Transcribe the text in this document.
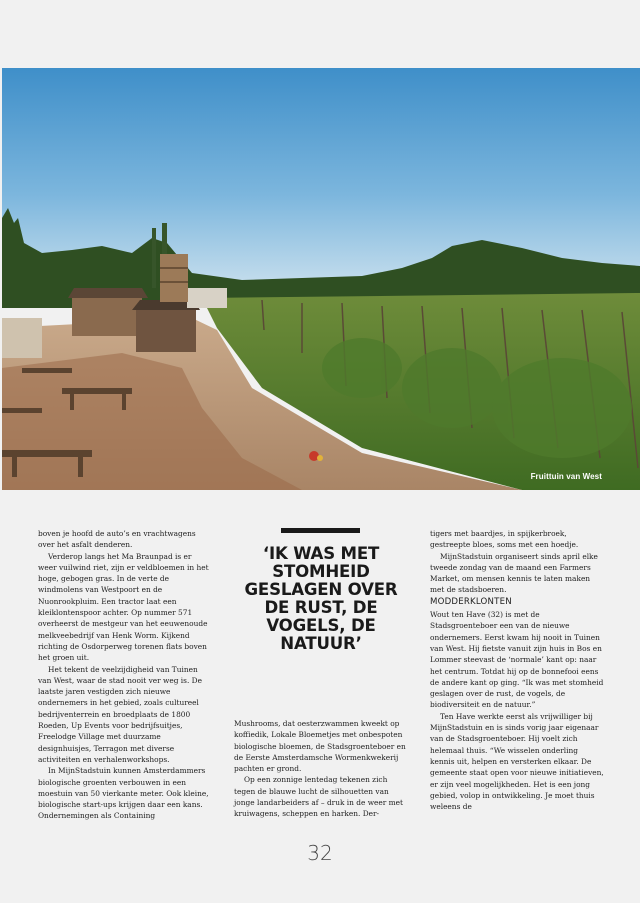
Fruittuin van West

boven je hoofd de auto’s en vrachtwagens over het asfalt denderen.

Verderop langs het Ma Braunpad is er weer vuilwind riet, zijn er veldbloemen in het hoge, gebogen gras. In de verte de windmolens van Westpoort en de Nuonrookpluim. Een tractor laat een kleiklontenspoor achter. Op nummer 571 overheerst de mestgeur van het eeuwenoude melkveebedrijf van Henk Worm. Kijkend richting de Osdorperweg torenen flats boven het groen uit.

Het tekent de veelzijdigheid van Tuinen van West, waar de stad nooit ver weg is. De laatste jaren vestigden zich nieuwe ondernemers in het gebied, zoals cultureel bedrijventerrein en broedplaats de 1800 Roeden, Up Events voor bedrijfsuitjes, Freelodge Village met duurzame designhuisjes, Terragon met diverse activiteiten en verhalenworkshops.

In MijnStadstuin kunnen Amsterdammers biologische groenten verbouwen in een moestuin van 50 vierkante meter. Ook kleine, biologische start-ups krijgen daar een kans. Ondernemingen als Containing

‘IK WAS MET STOMHEID GESLAGEN OVER DE RUST, DE VOGELS, DE NATUUR’

Mushrooms, dat oesterzwammen kweekt op koffiedik, Lokale Bloemetjes met onbespoten biologische bloemen, de Stadsgroenteboer en de Eerste Amsterdamsche Wormenkwekerij pachten er grond.

Op een zonnige lentedag tekenen zich tegen de blauwe lucht de silhouetten van jonge landarbeiders af – druk in de weer met kruiwagens, scheppen en harken. Der-

tigers met baardjes, in spijkerbroek, gestreepte bloes, soms met een hoedje.

MijnStadstuin organiseert sinds april elke tweede zondag van de maand een Farmers Market, om mensen kennis te laten maken met de stadsboeren.

MODDERKLONTEN

Wout ten Have (32) is met de Stadsgroenteboer een van de nieuwe ondernemers. Eerst kwam hij nooit in Tuinen van West. Hij fietste vanuit zijn huis in Bos en Lommer steevast de ‘normale’ kant op: naar het centrum. Totdat hij op de bonnefooi eens de andere kant op ging. “Ik was met stomheid geslagen over de rust, de vogels, de biodiversiteit en de natuur.”

Ten Have werkte eerst als vrijwilliger bij MijnStadstuin en is sinds vorig jaar eigenaar van de Stadsgroenteboer. Hij voelt zich helemaal thuis. “We wisselen onderling kennis uit, helpen en versterken elkaar. De gemeente staat open voor nieuwe initiatieven, er zijn veel mogelijkheden. Het is een jong gebied, volop in ontwikkeling. Je moet thuis weleens de

32
